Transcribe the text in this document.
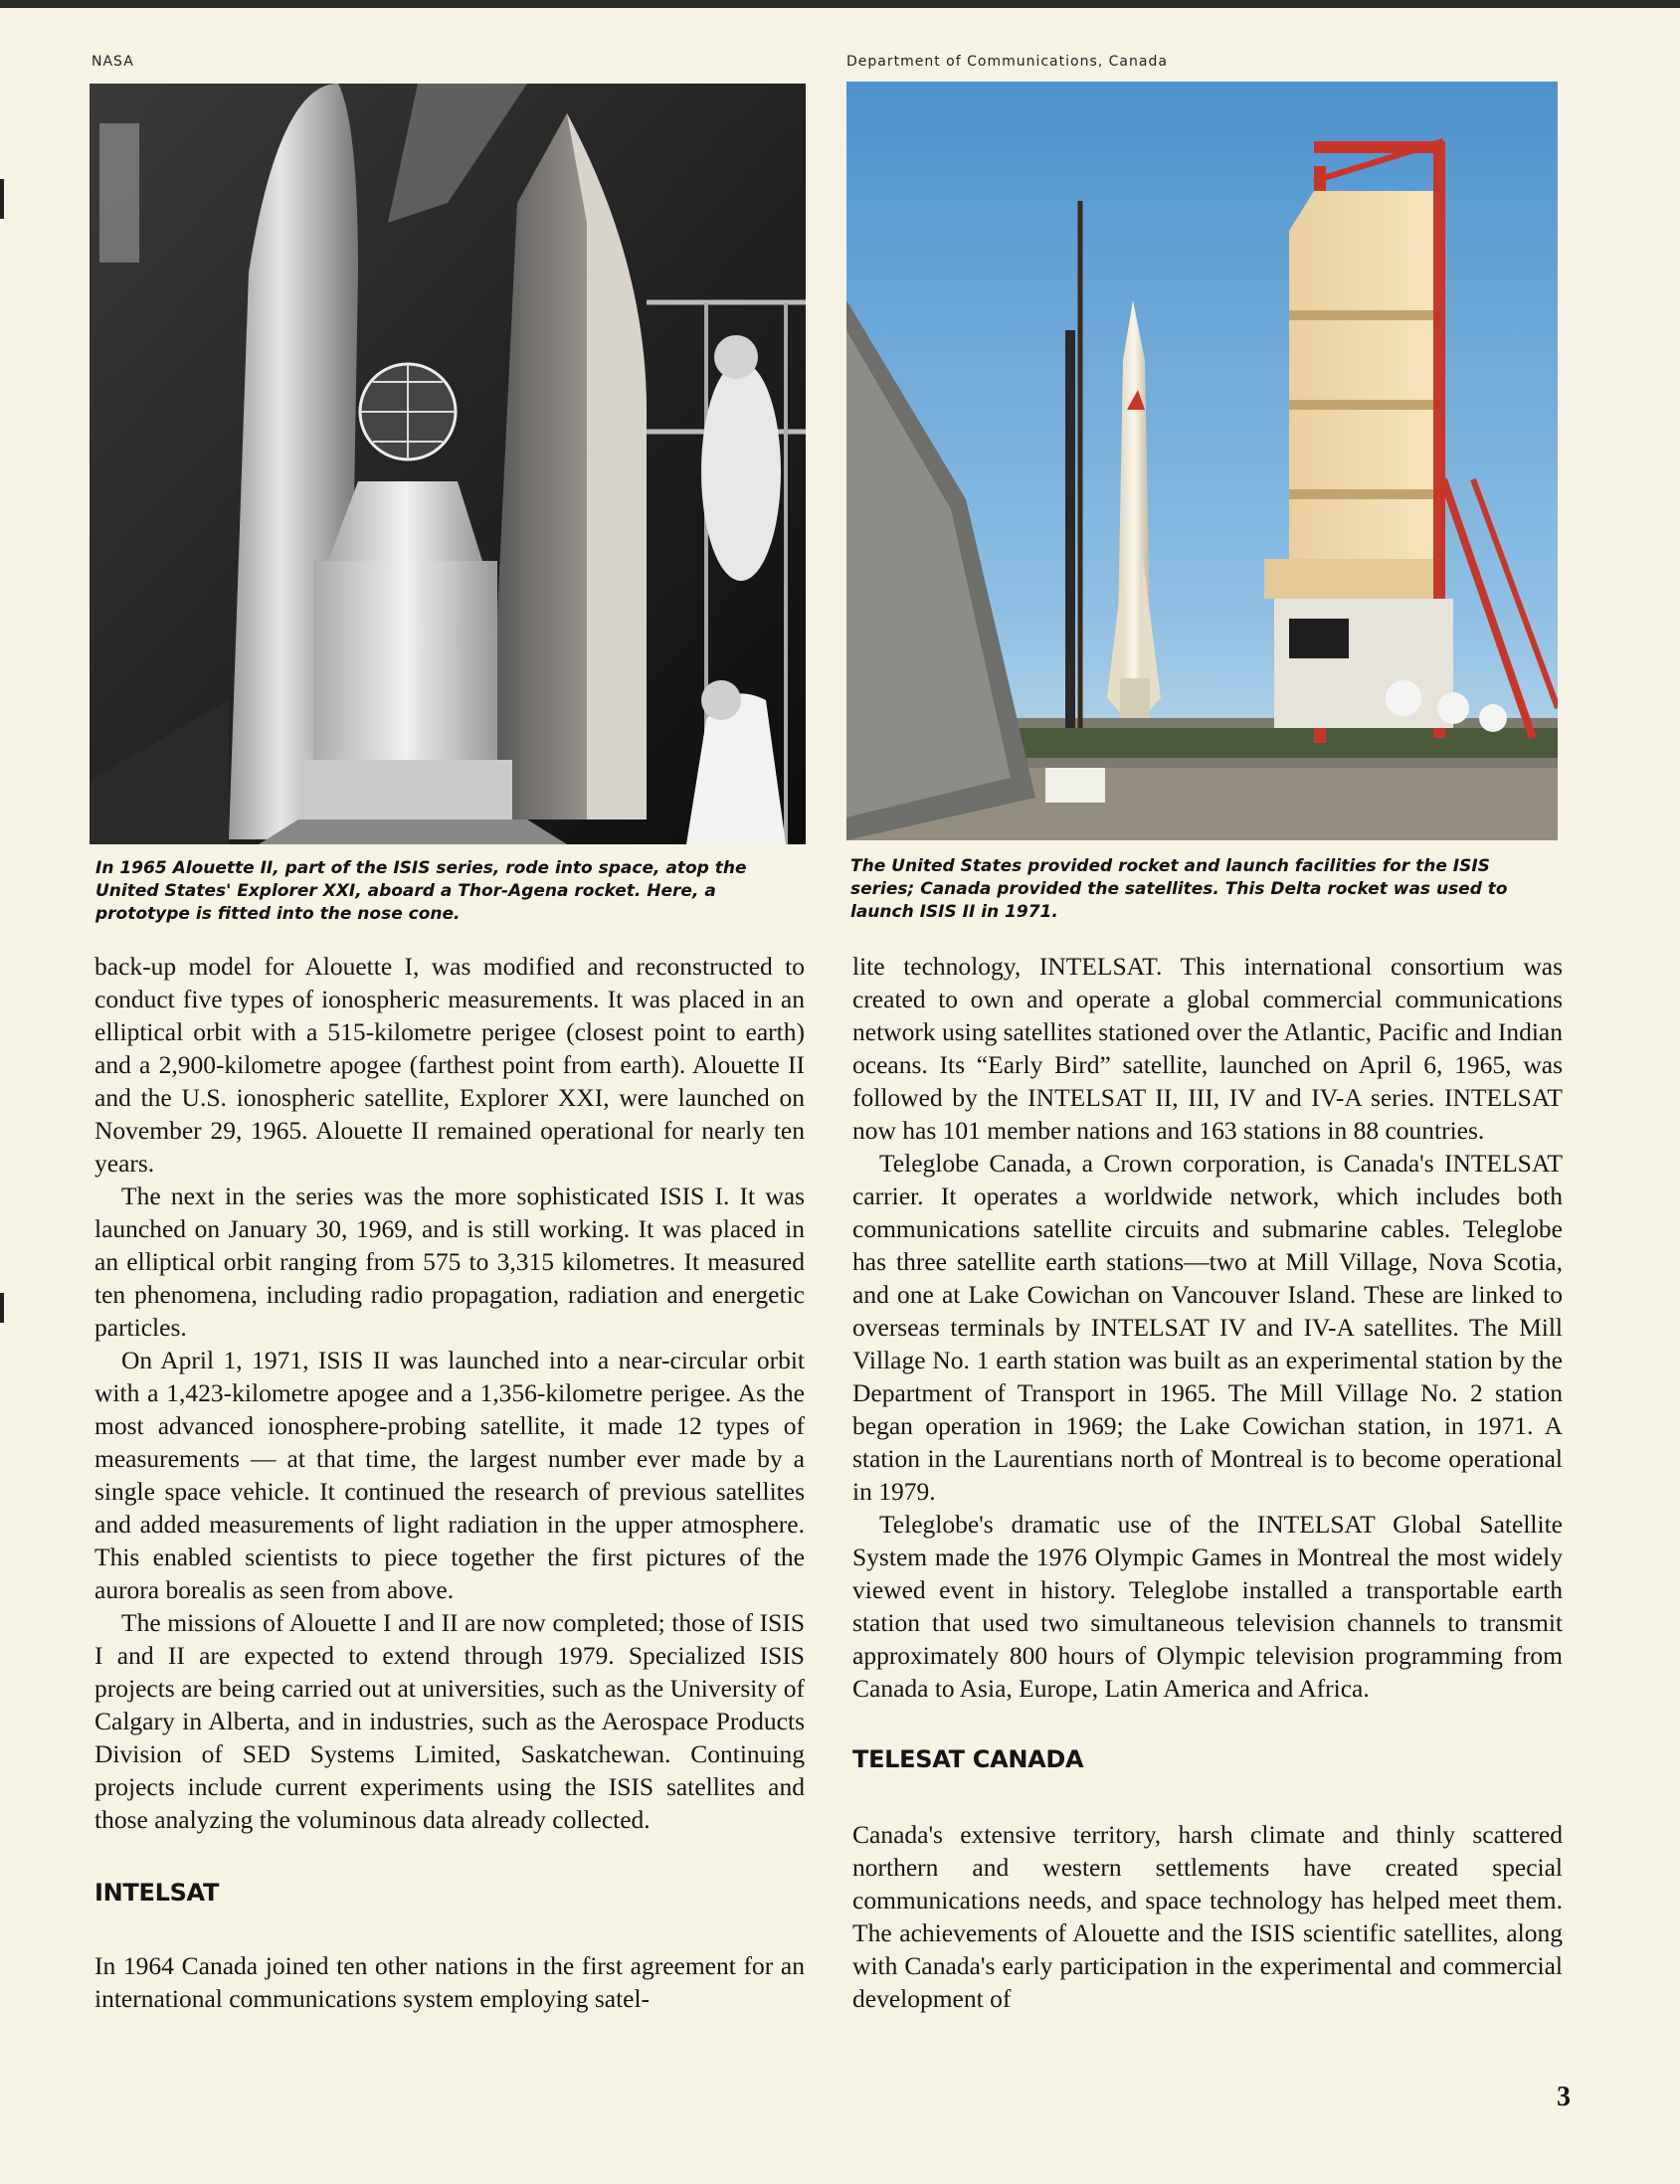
NASA	Department of Communications, Canada
In 1965 Alouette II, part of the ISIS series, rode into space, atop the United States' Explorer XXI, aboard a Thor-Agena rocket. Here, a prototype is fitted into the nose cone.
The United States provided rocket and launch facilities for the ISIS series; Canada provided the satellites. This Delta rocket was used to launch ISIS II in 1971.

back-up model for Alouette I, was modified and reconstructed to conduct five types of ionospheric measurements. It was placed in an elliptical orbit with a 515-kilometre perigee (closest point to earth) and a 2,900-kilometre apogee (farthest point from earth). Alouette II and the U.S. ionospheric satellite, Explorer XXI, were launched on November 29, 1965. Alouette II remained operational for nearly ten years.

The next in the series was the more sophisticated ISIS I. It was launched on January 30, 1969, and is still working. It was placed in an elliptical orbit ranging from 575 to 3,315 kilometres. It measured ten phenomena, including radio propagation, radiation and energetic particles.

On April 1, 1971, ISIS II was launched into a near-circular orbit with a 1,423-kilometre apogee and a 1,356-kilometre perigee. As the most advanced ionosphere-probing satellite, it made 12 types of measurements — at that time, the largest number ever made by a single space vehicle. It continued the research of previous satellites and added measurements of light radiation in the upper atmosphere. This enabled scientists to piece together the first pictures of the aurora borealis as seen from above.

The missions of Alouette I and II are now completed; those of ISIS I and II are expected to extend through 1979. Specialized ISIS projects are being carried out at universities, such as the University of Calgary in Alberta, and in industries, such as the Aerospace Products Division of SED Systems Limited, Saskatchewan. Continuing projects include current experiments using the ISIS satellites and those analyzing the voluminous data already collected.

INTELSAT

In 1964 Canada joined ten other nations in the first agreement for an international communications system employing satel-

lite technology, INTELSAT. This international consortium was created to own and operate a global commercial communications network using satellites stationed over the Atlantic, Pacific and Indian oceans. Its “Early Bird” satellite, launched on April 6, 1965, was followed by the INTELSAT II, III, IV and IV-A series. INTELSAT now has 101 member nations and 163 stations in 88 countries.

Teleglobe Canada, a Crown corporation, is Canada's INTELSAT carrier. It operates a worldwide network, which includes both communications satellite circuits and submarine cables. Teleglobe has three satellite earth stations—two at Mill Village, Nova Scotia, and one at Lake Cowichan on Vancouver Island. These are linked to overseas terminals by INTELSAT IV and IV-A satellites. The Mill Village No. 1 earth station was built as an experimental station by the Department of Transport in 1965. The Mill Village No. 2 station began operation in 1969; the Lake Cowichan station, in 1971. A station in the Laurentians north of Montreal is to become operational in 1979.

Teleglobe's dramatic use of the INTELSAT Global Satellite System made the 1976 Olympic Games in Montreal the most widely viewed event in history. Teleglobe installed a transportable earth station that used two simultaneous television channels to transmit approximately 800 hours of Olympic television programming from Canada to Asia, Europe, Latin America and Africa.

TELESAT CANADA

Canada's extensive territory, harsh climate and thinly scattered northern and western settlements have created special communications needs, and space technology has helped meet them. The achievements of Alouette and the ISIS scientific satellites, along with Canada's early participation in the experimental and commercial development of

3
